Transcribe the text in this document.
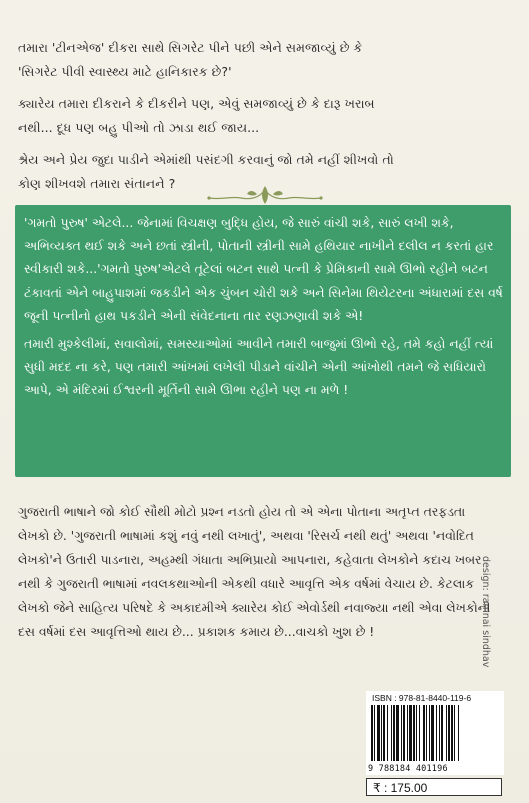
તમારા 'ટીનએજ' દીકરા સાથે સિગરેટ પીને પછી એને સમજાવ્યું છે કે
'સિગરેટ પીવી સ્વાસ્થ્ય માટે હાનિકારક છે?'

ક્યારેય તમારા દીકરાને કે દીકરીને પણ, એવું સમજાવ્યું છે કે દારૂ ખરાબ
નથી... દૂધ પણ બહુ પીઓ તો ઝાડા થઈ જાય...

શ્રેય અને પ્રેય જુદા પાડીને એમાંથી પસંદગી કરવાનું જો તમે નહીં શીખવો તો
કોણ શીખવશે તમારા સંતાનને ?

'ગમતો પુરુષ' એટલે... જેનામાં વિચક્ષણ બુદ્ધિ હોય, જે સારું વાંચી શકે, સારું લખી શકે, અભિવ્યક્ત થઈ શકે અને છતાં સ્ત્રીની, પોતાની સ્ત્રીની સામે હથિયાર નાખીને દલીલ ન કરતાં હાર સ્વીકારી શકે...'ગમતો પુરુષ'એટલે તૂટેલાં બટન સાથે પત્ની કે પ્રેમિકાની સામે ઊભો રહીને બટન ટંકાવતાં એને બાહુપાશમાં જકડીને એક ચુંબન ચોરી શકે અને સિનેમા થિયેટરના અંધારામાં દસ વર્ષ જૂની પત્નીનો હાથ પકડીને એની સંવેદનાના તાર રણઝણાવી શકે એ!

તમારી મુશ્કેલીમાં, સવાલોમાં, સમસ્યાઓમાં આવીને તમારી બાજુમાં ઊભો રહે, તમે કહો નહીં ત્યાં સુધી મદદ ના કરે, પણ તમારી આંખમાં લખેલી પીડાને વાંચીને એની આંખોથી તમને જે સધિયારો આપે, એ મંદિરમાં ઈશ્વરની મૂર્તિની સામે ઊભા રહીને પણ ના મળે !

ગુજરાતી ભાષાને જો કોઈ સૌથી મોટો પ્રશ્ન નડતો હોય તો એ એના પોતાના અતૃપ્ત તરફડતા લેખકો છે. 'ગુજરાતી ભાષામાં કશું નવું નથી લખાતું', અથવા 'રિસર્ચ નથી થતું' અથવા 'નવોદિત લેખકો'ને ઉતારી પાડનારા, અહમ્થી ગંધાતા અભિપ્રાયો આપનારા, કહેવાતા લેખકોને કદાચ ખબર નથી કે ગુજરાતી ભાષામાં નવલકથાઓની એકથી વધારે આવૃત્તિ એક વર્ષમાં વેચાય છે. કેટલાક લેખકો જેને સાહિત્ય પરિષદે કે અકાદમીએ ક્યારેય કોઈ એવોર્ડથી નવાજ્યા નથી એવા લેખકોની દસ વર્ષમાં દસ આવૃત્તિઓ થાય છે... પ્રકાશક કમાય છે...વાચકો ખુશ છે !	design: ramnai sindhav
ISBN : 978-81-8440-119-6
9 788184 401196
₹ : 175.00
